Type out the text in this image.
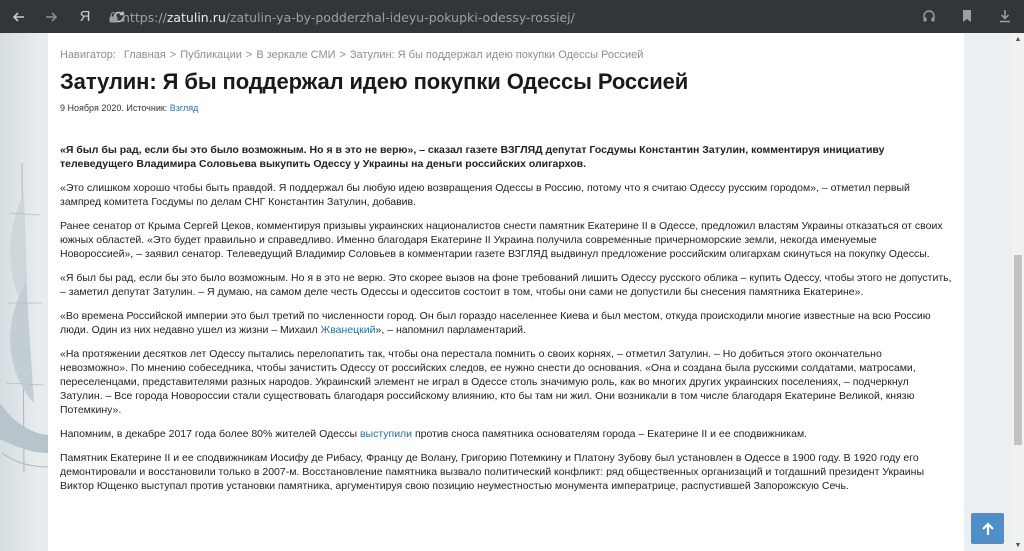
Я	https:// zatulin.ru /zatulin-ya-by-podderzhal-ideyu-pokupki-odessy-rossiej/
Навигатор: Главная > Публикации > В зеркале СМИ > Затулин: Я бы поддержал идею покупки Одессы Россией
Затулин: Я бы поддержал идею покупки Одессы Россией
9 Ноября 2020. Источник: Взгляд

«Я был бы рад, если бы это было возможным. Но я в это не верю», – сказал газете ВЗГЛЯД депутат Госдумы Константин Затулин, комментируя инициативу телеведущего Владимира Соловьева выкупить Одессу у Украины на деньги российских олигархов.

«Это слишком хорошо чтобы быть правдой. Я поддержал бы любую идею возвращения Одессы в Россию, потому что я считаю Одессу русским городом», – отметил первый зампред комитета Госдумы по делам СНГ Константин Затулин, добавив.

Ранее сенатор от Крыма Сергей Цеков, комментируя призывы украинских националистов снести памятник Екатерине II в Одессе, предложил властям Украины отказаться от своих южных областей. «Это будет правильно и справедливо. Именно благодаря Екатерине II Украина получила современные причерноморские земли, некогда именуемые Новороссией», – заявил сенатор. Телеведущий Владимир Соловьев в комментарии газете ВЗГЛЯД выдвинул предложение российским олигархам скинуться на покупку Одессы.

«Я был бы рад, если бы это было возможным. Но я в это не верю. Это скорее вызов на фоне требований лишить Одессу русского облика – купить Одессу, чтобы этого не допустить, – заметил депутат Затулин. – Я думаю, на самом деле честь Одессы и одесситов состоит в том, чтобы они сами не допустили бы снесения памятника Екатерине».

«Во времена Российской империи это был третий по численности город. Он был гораздо населеннее Киева и был местом, откуда происходили многие известные на всю Россию люди. Один из них недавно ушел из жизни – Михаил Жванецкий», – напомнил парламентарий.

«На протяжении десятков лет Одессу пытались перелопатить так, чтобы она перестала помнить о своих корнях, – отметил Затулин. – Но добиться этого окончательно невозможно». По мнению собеседника, чтобы зачистить Одессу от российских следов, ее нужно снести до основания. «Она и создана была русскими солдатами, матросами, переселенцами, представителями разных народов. Украинский элемент не играл в Одессе столь значимую роль, как во многих других украинских поселениях, – подчеркнул Затулин. – Все города Новороссии стали существовать благодаря российскому влиянию, кто бы там ни жил. Они возникали в том числе благодаря Екатерине Великой, князю Потемкину».

Напомним, в декабре 2017 года более 80% жителей Одессы выступили против сноса памятника основателям города – Екатерине II и ее сподвижникам.

Памятник Екатерине II и ее сподвижникам Иосифу де Рибасу, Францу де Волану, Григорию Потемкину и Платону Зубову был установлен в Одессе в 1900 году. В 1920 году его демонтировали и восстановили только в 2007-м. Восстановление памятника вызвало политический конфликт: ряд общественных организаций и тогдашний президент Украины Виктор Ющенко выступал против установки памятника, аргументируя свою позицию неуместностью монумента императрице, распустившей Запорожскую Сечь.

▲
▼
